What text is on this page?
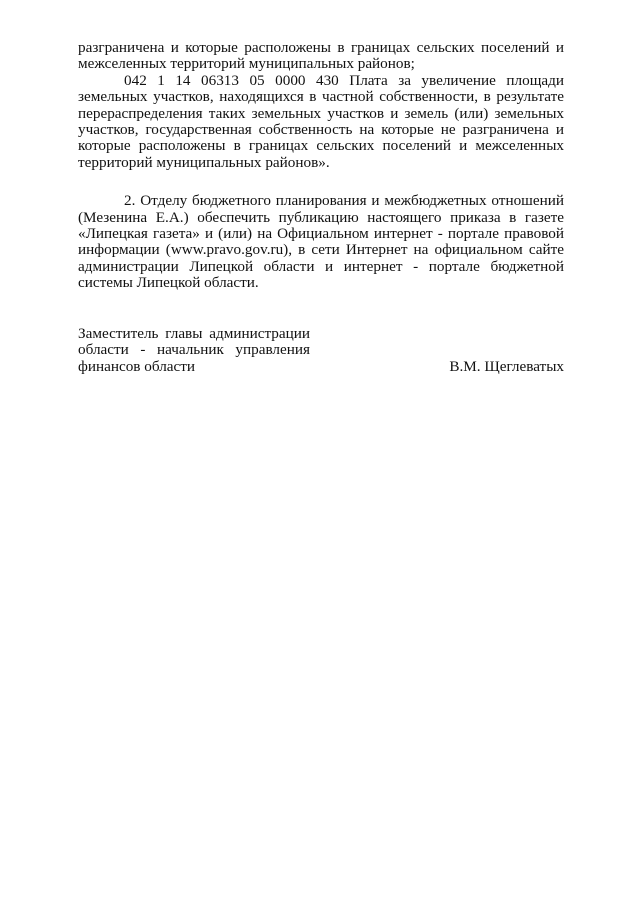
разграничена и которые расположены в границах сельских поселений и межселенных территорий муниципальных районов;

042 1 14 06313 05 0000 430 Плата за увеличение площади земельных участков, находящихся в частной собственности, в результате перераспределения таких земельных участков и земель (или) земельных участков, государственная собственность на которые не разграничена и которые расположены в границах сельских поселений и межселенных территорий муниципальных районов».

2. Отделу бюджетного планирования и межбюджетных отношений (Мезенина Е.А.) обеспечить публикацию настоящего приказа в газете «Липецкая газета» и (или) на Официальном интернет - портале правовой информации (www.pravo.gov.ru), в сети Интернет на официальном сайте администрации Липецкой области и интернет - портале бюджетной системы Липецкой области.

Заместитель главы администрации
области - начальник управления
финансов области	В.М. Щеглеватых
